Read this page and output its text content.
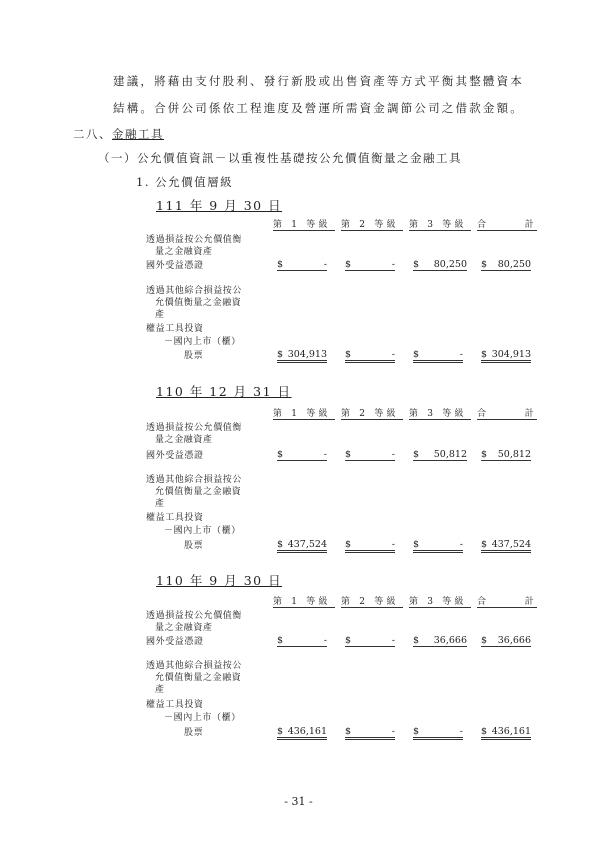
建議，將藉由支付股利、發行新股或出售資產等方式平衡其整體資本
結構。合併公司係依工程進度及營運所需資金調節公司之借款金額。
二八、金融工具
（一）公允價值資訊－以重複性基礎按公允價值衡量之金融工具
1. 公允價值層級
111 年 9 月 30 日
第 1 等級	第 2 等級	第 3 等級	合 計
透過損益按公允價值衡
量之金融資產
國外受益憑證	$	- $	- $ 80,250 $ 80,250
透過其他綜合損益按公
允價值衡量之金融資
產
權益工具投資
－國內上市（櫃）
股票	$ 304,913 $	- $	- $ 304,913
110 年 12 月 31 日
第 1 等級	第 2 等級	第 3 等級	合 計
透過損益按公允價值衡
量之金融資產
國外受益憑證	$	- $	- $ 50,812 $ 50,812
透過其他綜合損益按公
允價值衡量之金融資
產
權益工具投資
－國內上市（櫃）
股票	$ 437,524 $	- $	- $ 437,524
110 年 9 月 30 日
第 1 等級	第 2 等級	第 3 等級	合 計
透過損益按公允價值衡
量之金融資產
國外受益憑證	$	- $	- $ 36,666 $ 36,666
透過其他綜合損益按公
允價值衡量之金融資
產
權益工具投資
－國內上市（櫃）
股票	$ 436,161 $	- $	- $ 436,161
- 31 -
